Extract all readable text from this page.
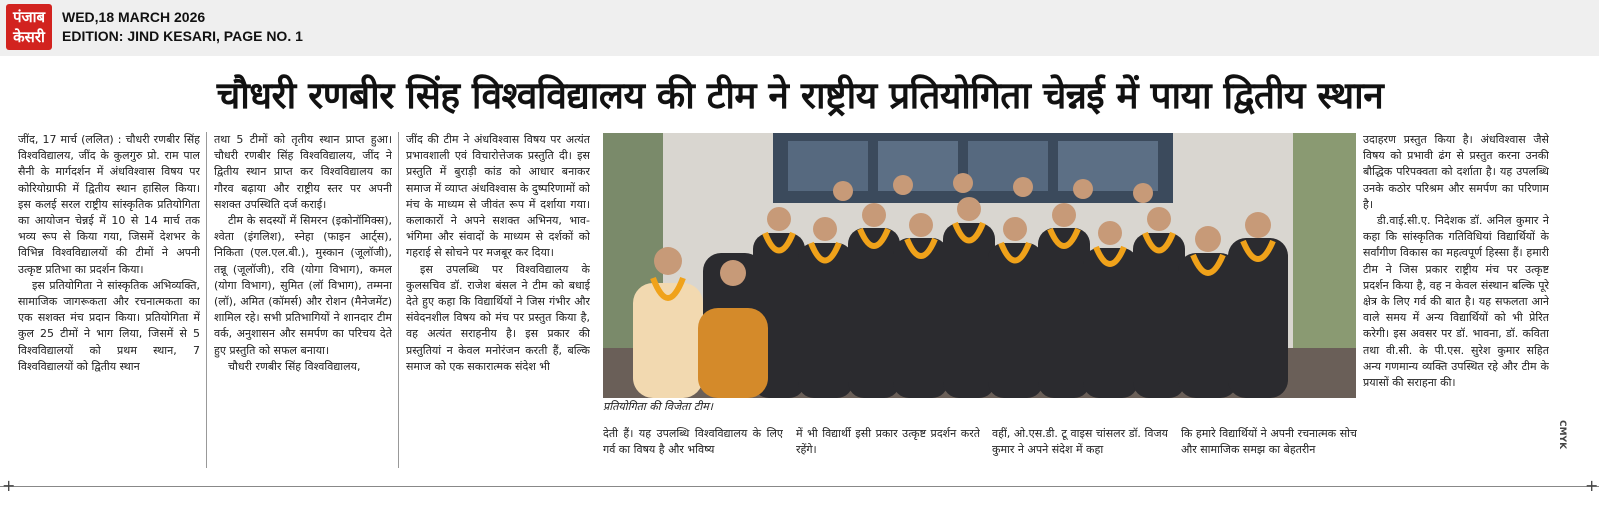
पंजाब
केसरी
WED,18 MARCH 2026
EDITION: JIND KESARI, PAGE NO. 1
चौधरी रणबीर सिंह विश्वविद्यालय की टीम ने राष्ट्रीय प्रतियोगिता चेन्नई में पाया द्वितीय स्थान

जींद, 17 मार्च (ललित) : चौधरी रणबीर सिंह विश्वविद्यालय, जींद के कुलगुरु प्रो. राम पाल सैनी के मार्गदर्शन में अंधविश्वास विषय पर कोरियोग्राफी में द्वितीय स्थान हासिल किया। इस कलई सरल राष्ट्रीय सांस्कृतिक प्रतियोगिता का आयोजन चेन्नई में 10 से 14 मार्च तक भव्य रूप से किया गया, जिसमें देशभर के विभिन्न विश्वविद्यालयों की टीमों ने अपनी उत्कृष्ट प्रतिभा का प्रदर्शन किया।

इस प्रतियोगिता ने सांस्कृतिक अभिव्यक्ति, सामाजिक जागरूकता और रचनात्मकता का एक सशक्त मंच प्रदान किया। प्रतियोगिता में कुल 25 टीमों ने भाग लिया, जिसमें से 5 विश्वविद्यालयों को प्रथम स्थान, 7 विश्वविद्यालयों को द्वितीय स्थान

तथा 5 टीमों को तृतीय स्थान प्राप्त हुआ। चौधरी रणबीर सिंह विश्वविद्यालय, जींद ने द्वितीय स्थान प्राप्त कर विश्वविद्यालय का गौरव बढ़ाया और राष्ट्रीय स्तर पर अपनी सशक्त उपस्थिति दर्ज कराई।

टीम के सदस्यों में सिमरन (इकोनॉमिक्स), श्वेता (इंगलिश), स्नेहा (फाइन आर्ट्स), निकिता (एल.एल.बी.), मुस्कान (जूलॉजी), तन्नू (जूलॉजी), रवि (योगा विभाग), कमल (योगा विभाग), सुमित (लॉ विभाग), तम्मना (लॉ), अमित (कॉमर्स) और रोशन (मैनेजमेंट) शामिल रहे। सभी प्रतिभागियों ने शानदार टीम वर्क, अनुशासन और समर्पण का परिचय देते हुए प्रस्तुति को सफल बनाया।

चौधरी रणबीर सिंह विश्वविद्यालय,

जींद की टीम ने अंधविश्वास विषय पर अत्यंत प्रभावशाली एवं विचारोत्तेजक प्रस्तुति दी। इस प्रस्तुति में बुराड़ी कांड को आधार बनाकर समाज में व्याप्त अंधविश्वास के दुष्परिणामों को मंच के माध्यम से जीवंत रूप में दर्शाया गया। कलाकारों ने अपने सशक्त अभिनय, भाव-भंगिमा और संवादों के माध्यम से दर्शकों को गहराई से सोचने पर मजबूर कर दिया।

इस उपलब्धि पर विश्वविद्यालय के कुलसचिव डॉ. राजेश बंसल ने टीम को बधाई देते हुए कहा कि विद्यार्थियों ने जिस गंभीर और संवेदनशील विषय को मंच पर प्रस्तुत किया है, वह अत्यंत सराहनीय है। इस प्रकार की प्रस्तुतियां न केवल मनोरंजन करती हैं, बल्कि समाज को एक सकारात्मक संदेश भी

प्रतियोगिता की विजेता टीम।
देती हैं। यह उपलब्धि विश्वविद्यालय के लिए गर्व का विषय है और भविष्य
में भी विद्यार्थी इसी प्रकार उत्कृष्ट प्रदर्शन करते रहेंगे।
वहीं, ओ.एस.डी. टू वाइस चांसलर डॉ. विजय कुमार ने अपने संदेश में कहा
कि हमारे विद्यार्थियों ने अपनी रचनात्मक सोच और सामाजिक समझ का बेहतरीन

उदाहरण प्रस्तुत किया है। अंधविश्वास जैसे विषय को प्रभावी ढंग से प्रस्तुत करना उनकी बौद्धिक परिपक्वता को दर्शाता है। यह उपलब्धि उनके कठोर परिश्रम और समर्पण का परिणाम है।

डी.वाई.सी.ए. निदेशक डॉ. अनिल कुमार ने कहा कि सांस्कृतिक गतिविधियां विद्यार्थियों के सर्वांगीण विकास का महत्वपूर्ण हिस्सा हैं। हमारी टीम ने जिस प्रकार राष्ट्रीय मंच पर उत्कृष्ट प्रदर्शन किया है, वह न केवल संस्थान बल्कि पूरे क्षेत्र के लिए गर्व की बात है। यह सफलता आने वाले समय में अन्य विद्यार्थियों को भी प्रेरित करेगी। इस अवसर पर डॉ. भावना, डॉ. कविता तथा वी.सी. के पी.एस. सुरेश कुमार सहित अन्य गणमान्य व्यक्ति उपस्थित रहे और टीम के प्रयासों की सराहना की।

CMYK
+	+
